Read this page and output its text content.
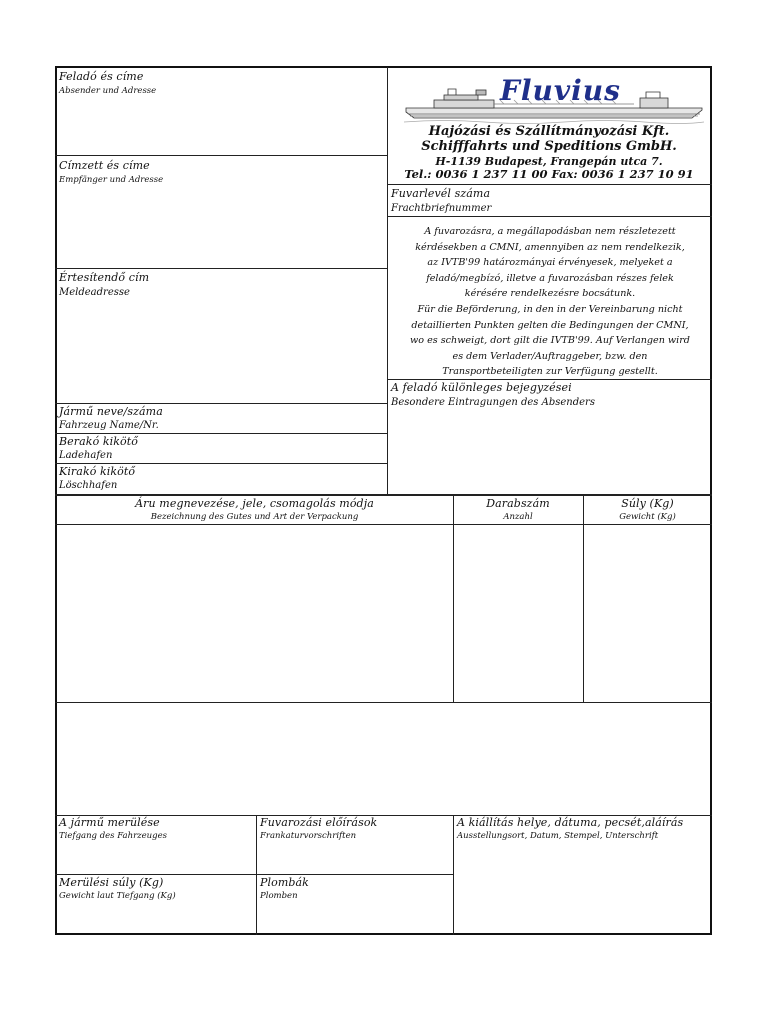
Feladó és címe
Absender und Adresse
Címzett és címe
Empfänger und Adresse
Értesítendő cím
Meldeadresse
Jármű neve/száma
Fahrzeug Name/Nr.
Berakó kikötő
Ladehafen
Kirakó kikötő
Löschhafen
Fluvius
Hajózási és Szállítmányozási Kft.
Schifffahrts und Speditions GmbH.
H-1139 Budapest, Frangepán utca 7.
Tel.: 0036 1 237 11 00 Fax: 0036 1 237 10 91
Fuvarlevél száma
Frachtbriefnummer
A fuvarozásra, a megállapodásban nem részletezett
kérdésekben a CMNI, amennyiben az nem rendelkezik,
az IVTB'99 határozmányai érvényesek, melyeket a
feladó/megbízó, illetve a fuvarozásban részes felek
kérésére rendelkezésre bocsátunk.
Für die Beförderung, in den in der Vereinbarung nicht
detaillierten Punkten gelten die Bedingungen der CMNI,
wo es schweigt, dort gilt die IVTB'99. Auf Verlangen wird
es dem Verlader/Auftraggeber, bzw. den
Transportbeteiligten zur Verfügung gestellt.
A feladó különleges bejegyzései
Besondere Eintragungen des Absenders
Áru megnevezése, jele, csomagolás módja
Bezeichnung des Gutes und Art der Verpackung
Darabszám
Anzahl
Súly (Kg)
Gewicht (Kg)
A jármű merülése
Tiefgang des Fahrzeuges
Fuvarozási előírások
Frankaturvorschriften
A kiállítás helye, dátuma, pecsét,aláírás
Ausstellungsort, Datum, Stempel, Unterschrift
Merülési súly (Kg)
Gewicht laut Tiefgang (Kg)
Plombák
Plomben
